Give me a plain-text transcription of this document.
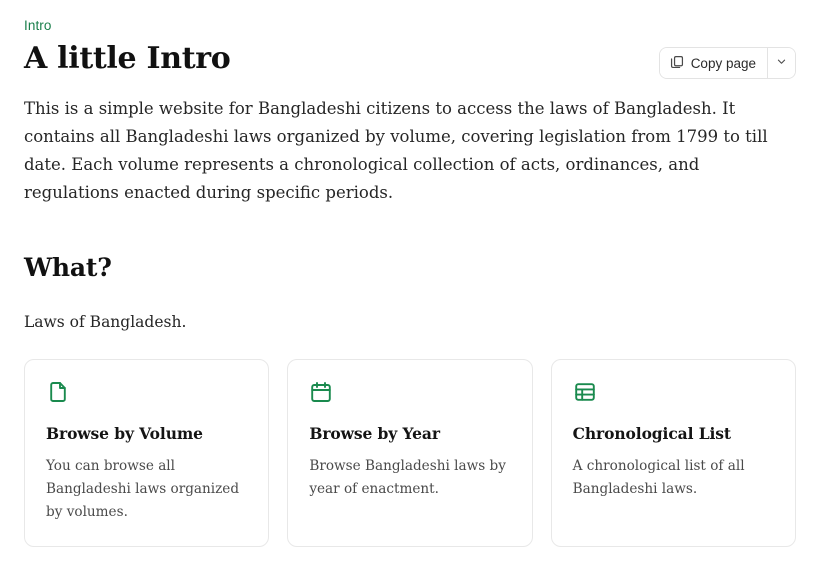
Intro
A little Intro	Copy page

This is a simple website for Bangladeshi citizens to access the laws of Bangladesh. It contains all Bangladeshi laws organized by volume, covering legislation from 1799 to till date. Each volume represents a chronological collection of acts, ordinances, and regulations enacted during specific periods.

What?

Laws of Bangladesh.

Browse by Volume

You can browse all Bangladeshi laws organized by volumes.

Browse by Year

Browse Bangladeshi laws by year of enactment.

Chronological List

A chronological list of all Bangladeshi laws.
